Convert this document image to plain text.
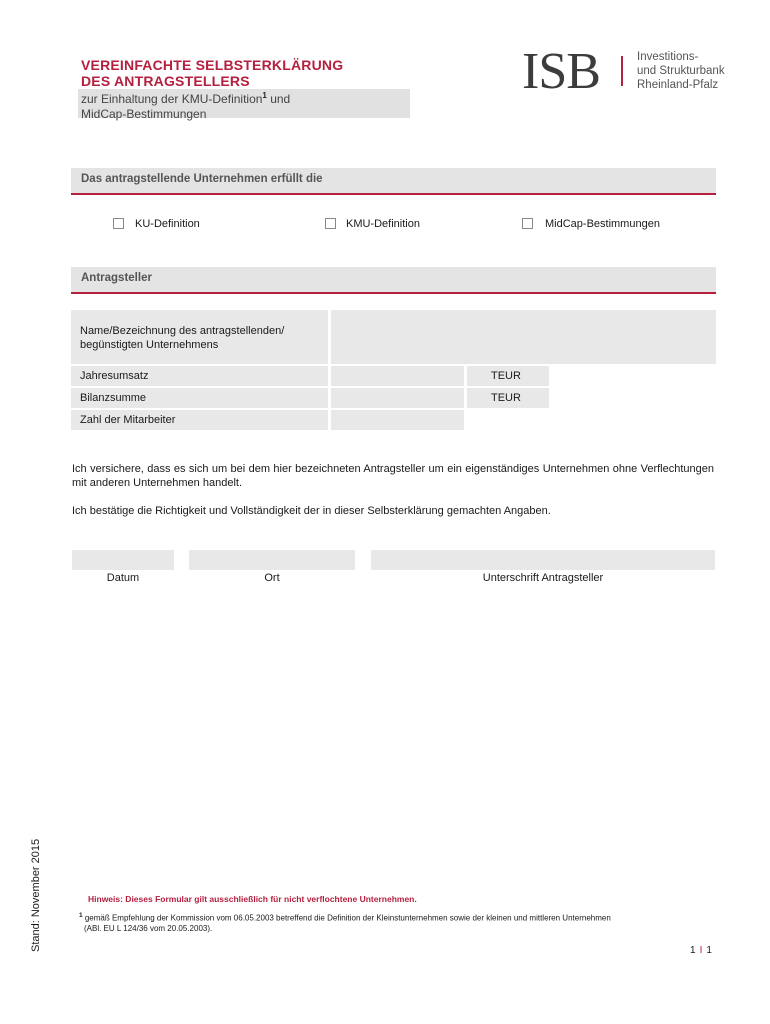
VEREINFACHTE SELBSTERKLÄRUNG
DES ANTRAGSTELLERS
zur Einhaltung der KMU-Definition$^1$ und
MidCap-Bestimmungen
ISB	Investitions-
und Strukturbank
Rheinland-Pfalz
Das antragstellende Unternehmen erfüllt die
KU-Definition	KMU-Definition	MidCap-Bestimmungen
Antragsteller
Name/Bezeichnung des antragstellenden/
begünstigten Unternehmens
Jahresumsatz	TEUR
Bilanzsumme	TEUR
Zahl der Mitarbeiter
Ich versichere, dass es sich um bei dem hier bezeichneten Antragsteller um ein eigenständiges Unternehmen ohne Verflechtungen mit anderen Unternehmen handelt.
Ich bestätige die Richtigkeit und Vollständigkeit der in dieser Selbsterklärung gemachten Angaben.
Datum	Ort	Unterschrift Antragsteller
Stand: November 2015	Hinweis: Dieses Formular gilt ausschließlich für nicht verflochtene Unternehmen.
$^1$ gemäß Empfehlung der Kommission vom 06.05.2003 betreffend die Definition der Kleinstunternehmen sowie der kleinen und mittleren Unternehmen
(ABl. EU L 124/36 vom 20.05.2003).
1 I 1
